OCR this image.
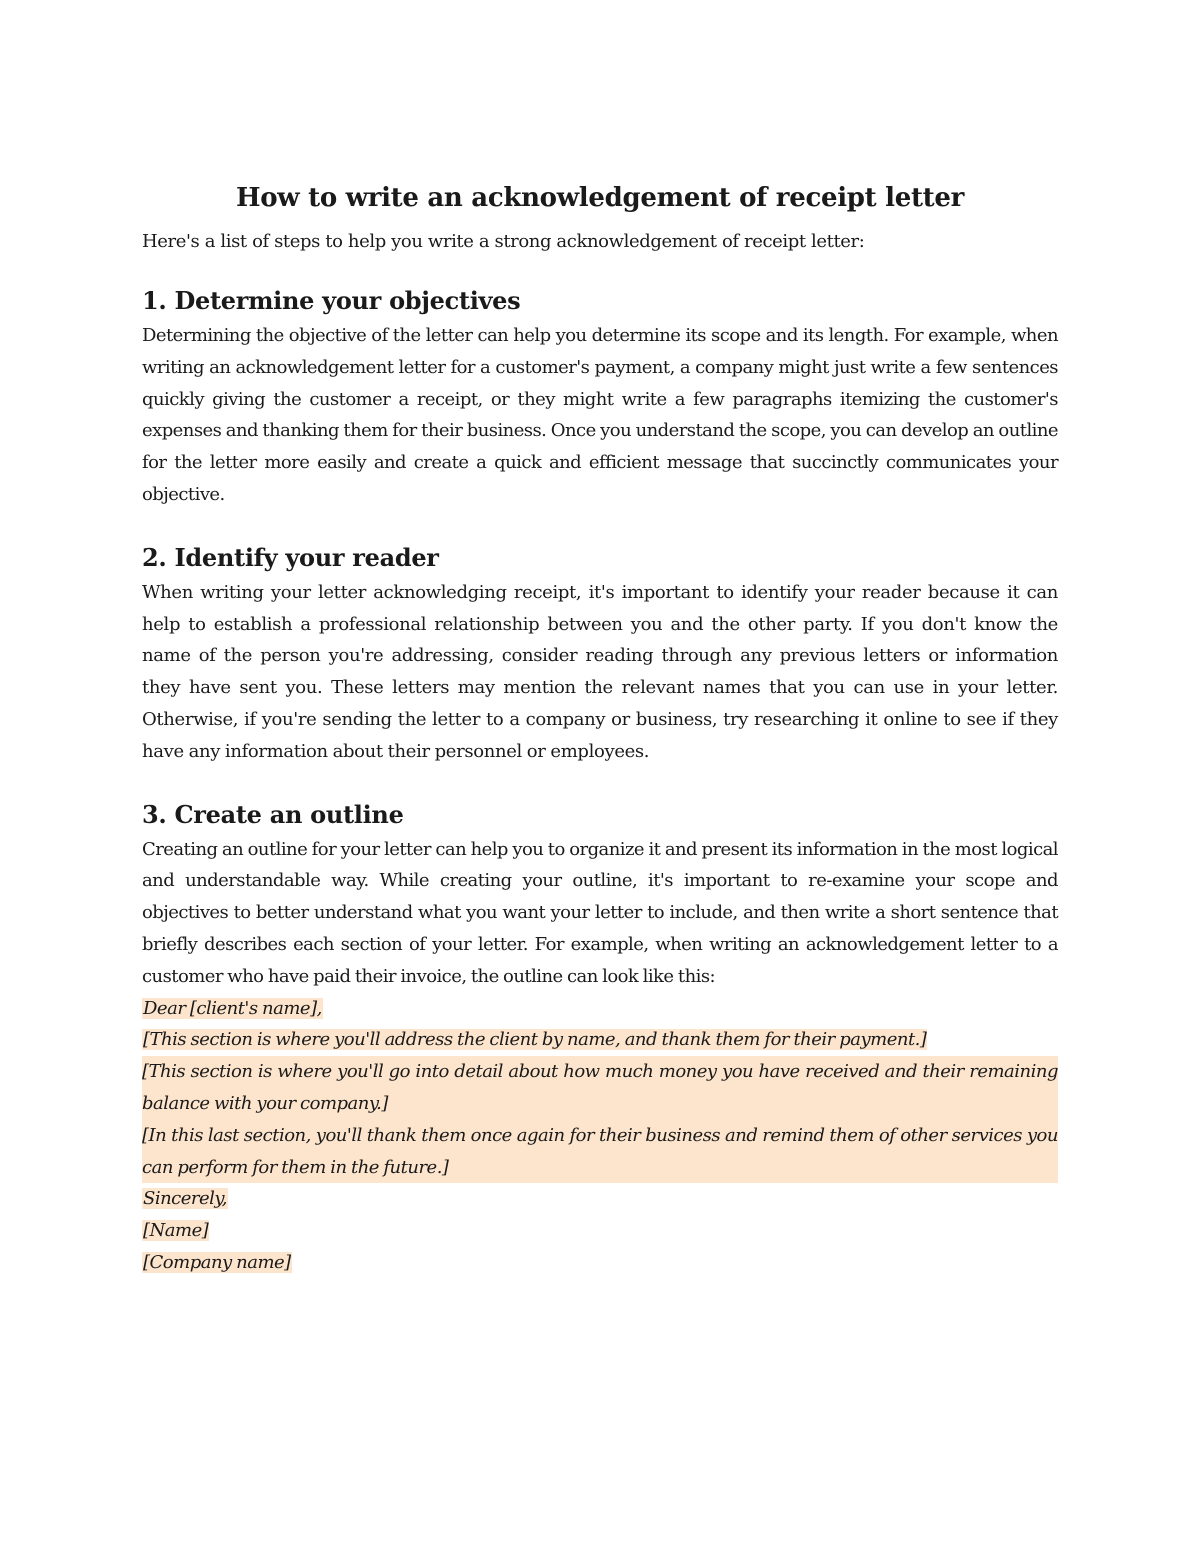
How to write an acknowledgement of receipt letter

Here's a list of steps to help you write a strong acknowledgement of receipt letter:

1. Determine your objectives

Determining the objective of the letter can help you determine its scope and its length. For example, when writing an acknowledgement letter for a customer's payment, a company might just write a few sentences quickly giving the customer a receipt, or they might write a few paragraphs itemizing the customer's expenses and thanking them for their business. Once you understand the scope, you can develop an outline for the letter more easily and create a quick and efficient message that succinctly communicates your objective.

2. Identify your reader

When writing your letter acknowledging receipt, it's important to identify your reader because it can help to establish a professional relationship between you and the other party. If you don't know the name of the person you're addressing, consider reading through any previous letters or information they have sent you. These letters may mention the relevant names that you can use in your letter. Otherwise, if you're sending the letter to a company or business, try researching it online to see if they have any information about their personnel or employees.

3. Create an outline

Creating an outline for your letter can help you to organize it and present its information in the most logical and understandable way. While creating your outline, it's important to re-examine your scope and objectives to better understand what you want your letter to include, and then write a short sentence that briefly describes each section of your letter. For example, when writing an acknowledgement letter to a customer who have paid their invoice, the outline can look like this:

Dear [client's name],
[This section is where you'll address the client by name, and thank them for their payment.]
[This section is where you'll go into detail about how much money you have received and their remaining balance with your company.]
[In this last section, you'll thank them once again for their business and remind them of other services you can perform for them in the future.]
Sincerely,
[Name]
[Company name]
